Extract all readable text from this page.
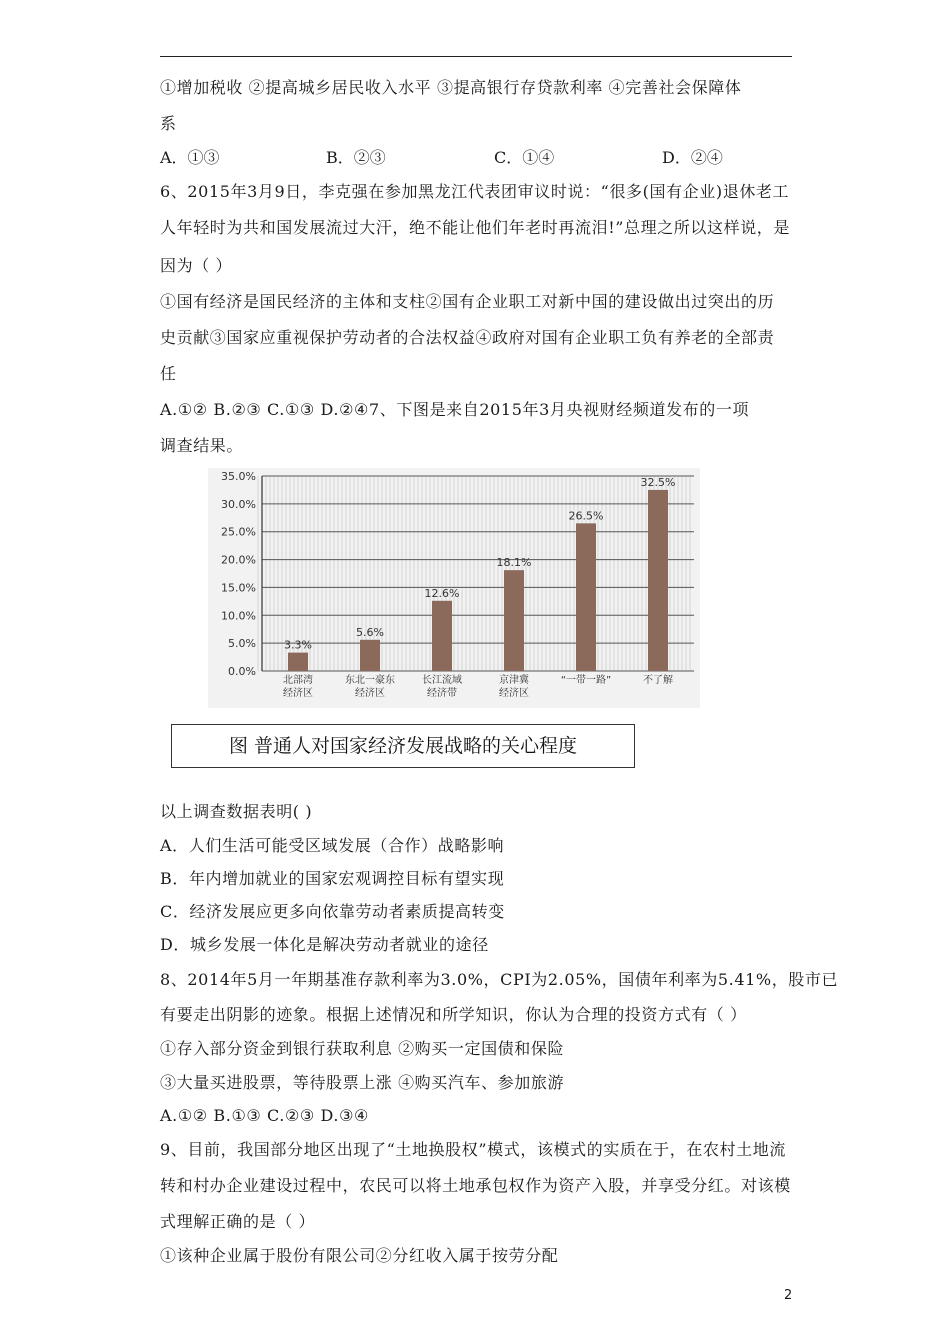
①增加税收 ②提高城乡居民收入水平 ③提高银行存贷款利率 ④完善社会保障体
系
A．①③	B．②③	C．①④	D．②④
6、2015年3月9日，李克强在参加黑龙江代表团审议时说：“很多(国有企业)退休老工
人年轻时为共和国发展流过大汗，绝不能让他们年老时再流泪!”总理之所以这样说，是
因为（ ）
①国有经济是国民经济的主体和支柱②国有企业职工对新中国的建设做出过突出的历
史贡献③国家应重视保护劳动者的合法权益④政府对国有企业职工负有养老的全部责
任
A.①② B.②③ C.①③ D.②④7、下图是来自2015年3月央视财经频道发布的一项
调查结果。
0.0%
5.0%
10.0%
15.0%
20.0%
25.0%
30.0%
35.0%
3.3%
北部湾
经济区
5.6%
东北一豪东
经济区
12.6%
长江流域
经济带
18.1%
京津冀
经济区
26.5%
“一带一路”
32.5%
不了解
图 普通人对国家经济发展战略的关心程度
以上调查数据表明( )
A．人们生活可能受区域发展（合作）战略影响
B．年内增加就业的国家宏观调控目标有望实现
C．经济发展应更多向依靠劳动者素质提高转变
D．城乡发展一体化是解决劳动者就业的途径
8、2014年5月一年期基准存款利率为3.0%，CPI为2.05%，国债年利率为5.41%，股市已
有要走出阴影的迹象。根据上述情况和所学知识，你认为合理的投资方式有（ ）
①存入部分资金到银行获取利息 ②购买一定国债和保险
③大量买进股票，等待股票上涨 ④购买汽车、参加旅游
A.①② B.①③ C.②③ D.③④
9、目前，我国部分地区出现了“土地换股权”模式，该模式的实质在于，在农村土地流
转和村办企业建设过程中，农民可以将土地承包权作为资产入股，并享受分红。对该模
式理解正确的是（ ）
①该种企业属于股份有限公司②分红收入属于按劳分配
2
